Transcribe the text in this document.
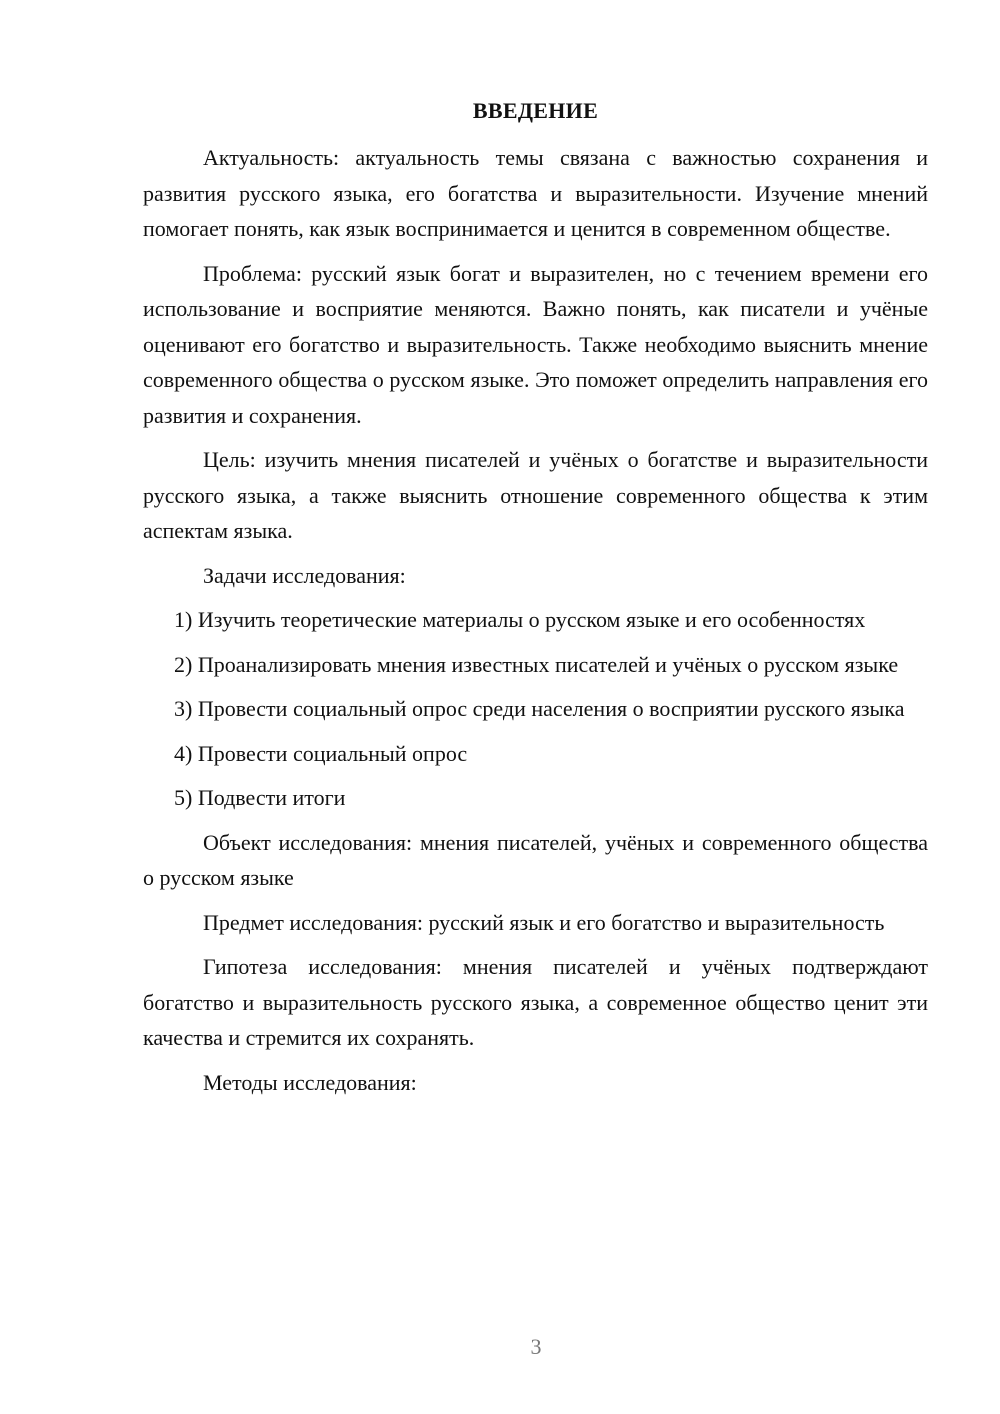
ВВЕДЕНИЕ

Актуальность: актуальность темы связана с важностью сохранения и развития русского языка, его богатства и выразительности. Изучение мнений помогает понять, как язык воспринимается и ценится в современном обществе.

Проблема: русский язык богат и выразителен, но с течением времени его использование и восприятие меняются. Важно понять, как писатели и учёные оценивают его богатство и выразительность. Также необходимо выяснить мнение современного общества о русском языке. Это поможет определить направления его развития и сохранения.

Цель: изучить мнения писателей и учёных о богатстве и выразительности русского языка, а также выяснить отношение современного общества к этим аспектам языка.

Задачи исследования:

1) Изучить теоретические материалы о русском языке и его особенностях

2) Проанализировать мнения известных писателей и учёных о русском языке

3) Провести социальный опрос среди населения о восприятии русского языка

4) Провести социальный опрос

5) Подвести итоги

Объект исследования: мнения писателей, учёных и современного общества о русском языке

Предмет исследования: русский язык и его богатство и выразительность

Гипотеза исследования: мнения писателей и учёных подтверждают богатство и выразительность русского языка, а современное общество ценит эти качества и стремится их сохранять.

Методы исследования:

3
